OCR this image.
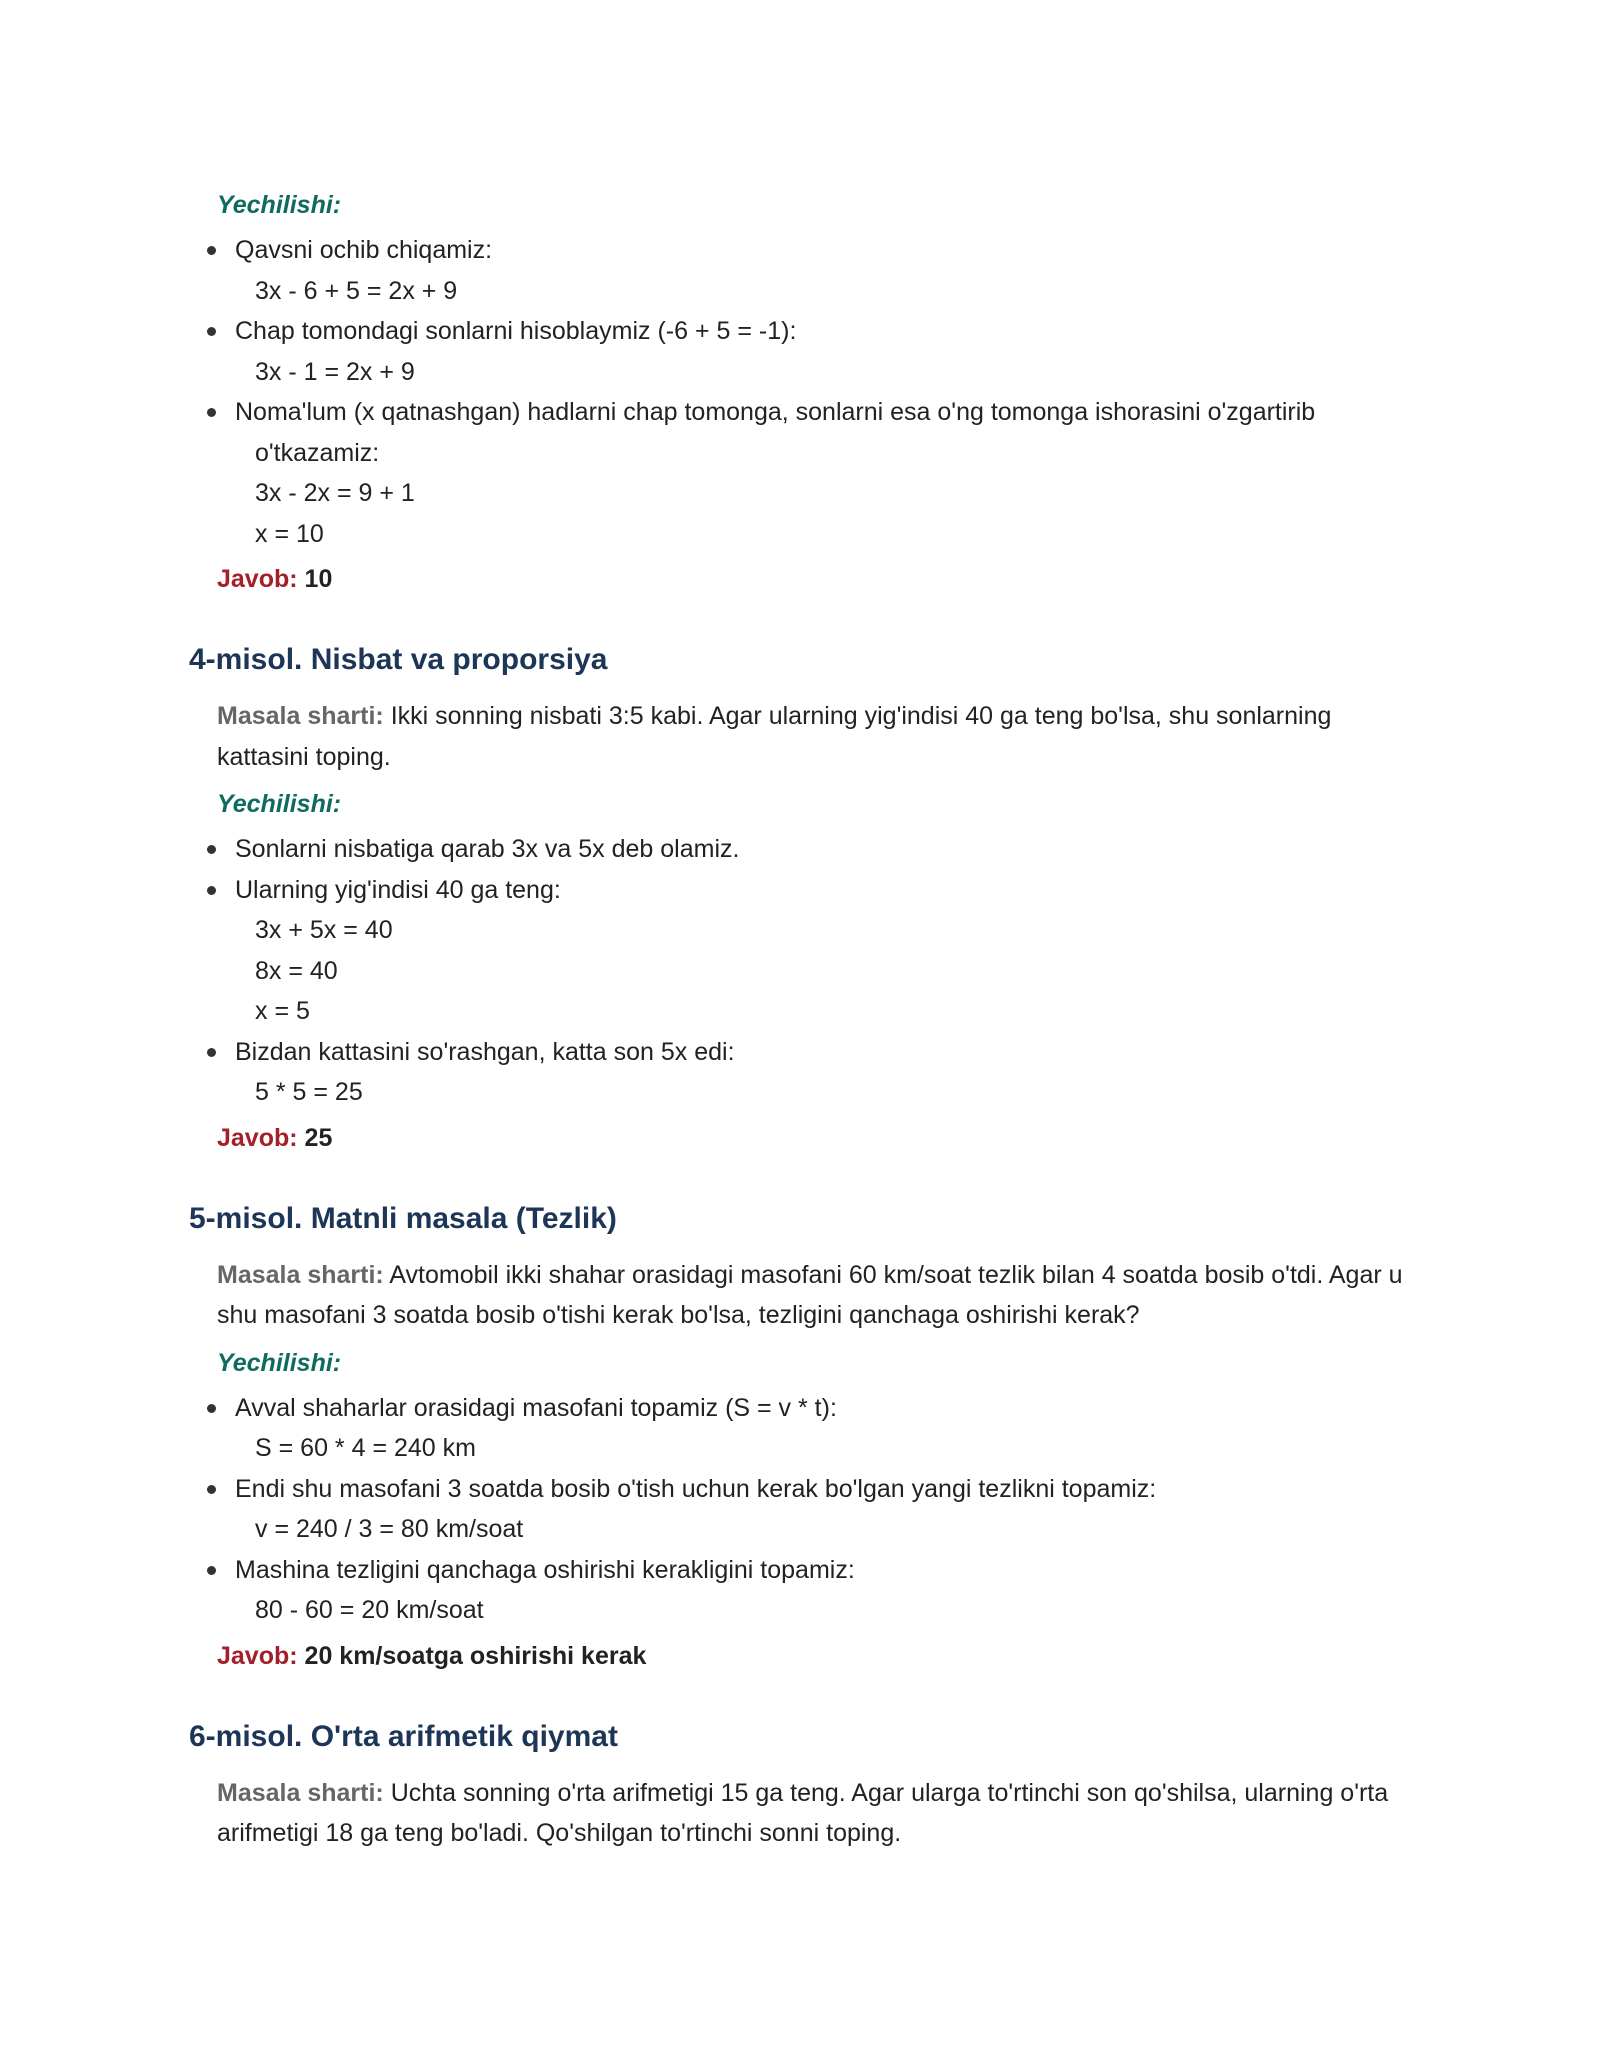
Yechilishi:
Qavsni ochib chiqamiz:
3x - 6 + 5 = 2x + 9
Chap tomondagi sonlarni hisoblaymiz (-6 + 5 = -1):
3x - 1 = 2x + 9
Noma'lum (x qatnashgan) hadlarni chap tomonga, sonlarni esa o'ng tomonga ishorasini o'zgartirib
o'tkazamiz:
3x - 2x = 9 + 1
x = 10
Javob: 10
4-misol. Nisbat va proporsiya
Masala sharti: Ikki sonning nisbati 3:5 kabi. Agar ularning yig'indisi 40 ga teng bo'lsa, shu sonlarning kattasini toping.
Yechilishi:
Sonlarni nisbatiga qarab 3x va 5x deb olamiz.
Ularning yig'indisi 40 ga teng:
3x + 5x = 40
8x = 40
x = 5
Bizdan kattasini so'rashgan, katta son 5x edi:
5 * 5 = 25
Javob: 25
5-misol. Matnli masala (Tezlik)
Masala sharti: Avtomobil ikki shahar orasidagi masofani 60 km/soat tezlik bilan 4 soatda bosib o'tdi. Agar u shu masofani 3 soatda bosib o'tishi kerak bo'lsa, tezligini qanchaga oshirishi kerak?
Yechilishi:
Avval shaharlar orasidagi masofani topamiz (S = v * t):
S = 60 * 4 = 240 km
Endi shu masofani 3 soatda bosib o'tish uchun kerak bo'lgan yangi tezlikni topamiz:
v = 240 / 3 = 80 km/soat
Mashina tezligini qanchaga oshirishi kerakligini topamiz:
80 - 60 = 20 km/soat
Javob: 20 km/soatga oshirishi kerak
6-misol. O'rta arifmetik qiymat
Masala sharti: Uchta sonning o'rta arifmetigi 15 ga teng. Agar ularga to'rtinchi son qo'shilsa, ularning o'rta arifmetigi 18 ga teng bo'ladi. Qo'shilgan to'rtinchi sonni toping.
